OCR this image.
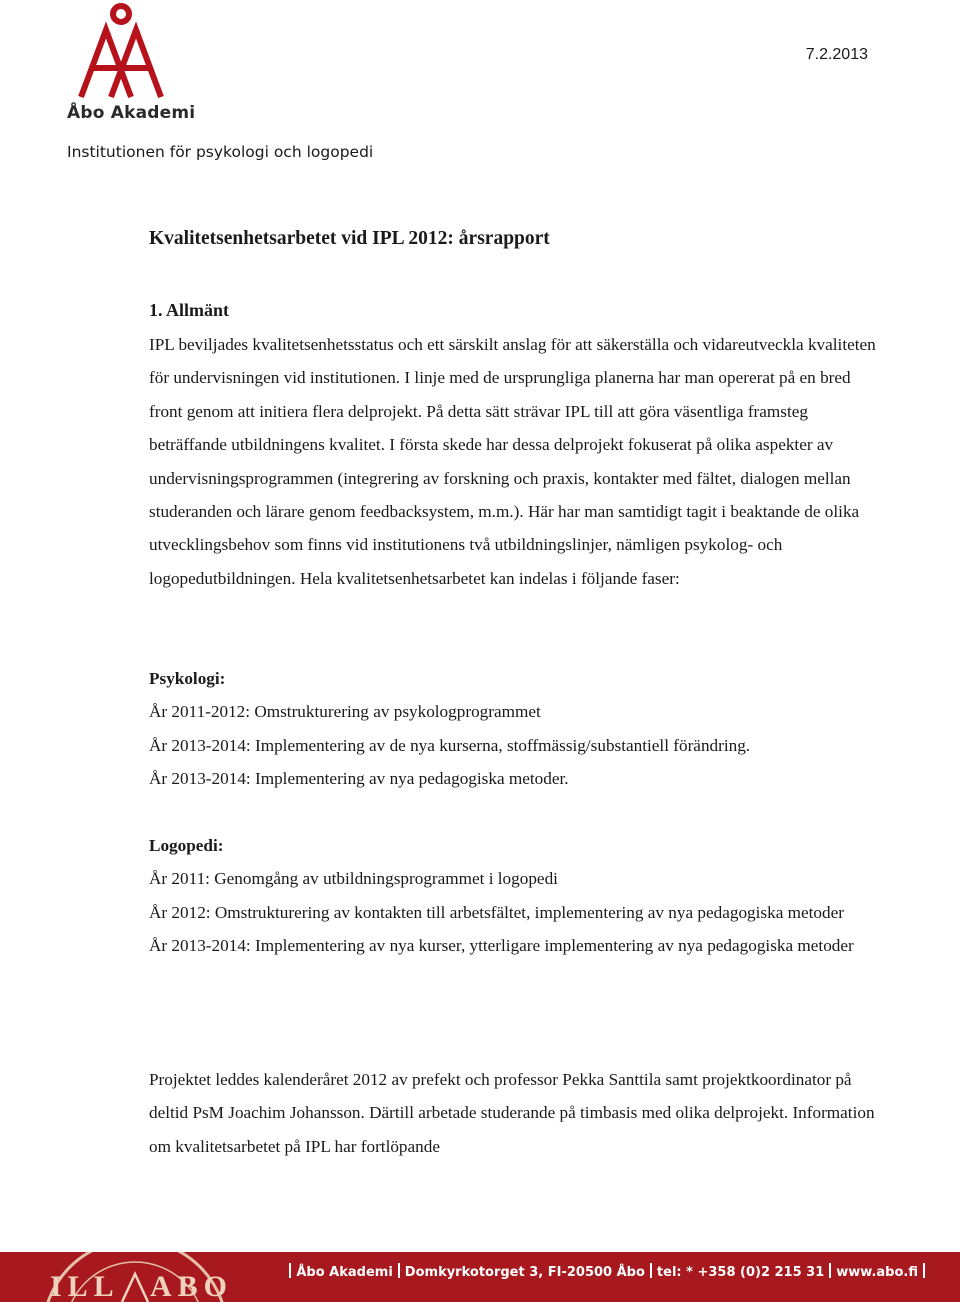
Åbo Akademi
Institutionen för psykologi och logopedi
7.2.2013
Kvalitetsenhetsarbetet vid IPL 2012: årsrapport
1. Allmänt

IPL beviljades kvalitetsenhetsstatus och ett särskilt anslag för att säkerställa och vidareutveckla kvaliteten för undervisningen vid institutionen. I linje med de ursprungliga planerna har man opererat på en bred front genom att initiera flera delprojekt. På detta sätt strävar IPL till att göra väsentliga framsteg beträffande utbildningens kvalitet. I första skede har dessa delprojekt fokuserat på olika aspekter av undervisningsprogrammen (integrering av forskning och praxis, kontakter med fältet, dialogen mellan studeranden och lärare genom feedbacksystem, m.m.). Här har man samtidigt tagit i beaktande de olika utvecklingsbehov som finns vid institutionens två utbildningslinjer, nämligen psykolog- och logopedutbildningen. Hela kvalitetsenhetsarbetet kan indelas i följande faser:

Psykologi:

År 2011-2012: Omstrukturering av psykologprogrammet

År 2013-2014: Implementering av de nya kurserna, stoffmässig/substantiell förändring.

År 2013-2014: Implementering av nya pedagogiska metoder.

Logopedi:

År 2011: Genomgång av utbildningsprogrammet i logopedi

År 2012: Omstrukturering av kontakten till arbetsfältet, implementering av nya pedagogiska metoder

År 2013-2014: Implementering av nya kurser, ytterligare implementering av nya pedagogiska metoder

Projektet leddes kalenderåret 2012 av prefekt och professor Pekka Santtila samt projektkoordinator på deltid PsM Joachim Johansson. Därtill arbetade studerande på timbasis med olika delprojekt. Information om kvalitetsarbetet på IPL har fortlöpande

ILL ABO	Åbo Akademi Domkyrkotorget 3, FI-20500 Åbo tel: * +358 (0)2 215 31 www.abo.fi
